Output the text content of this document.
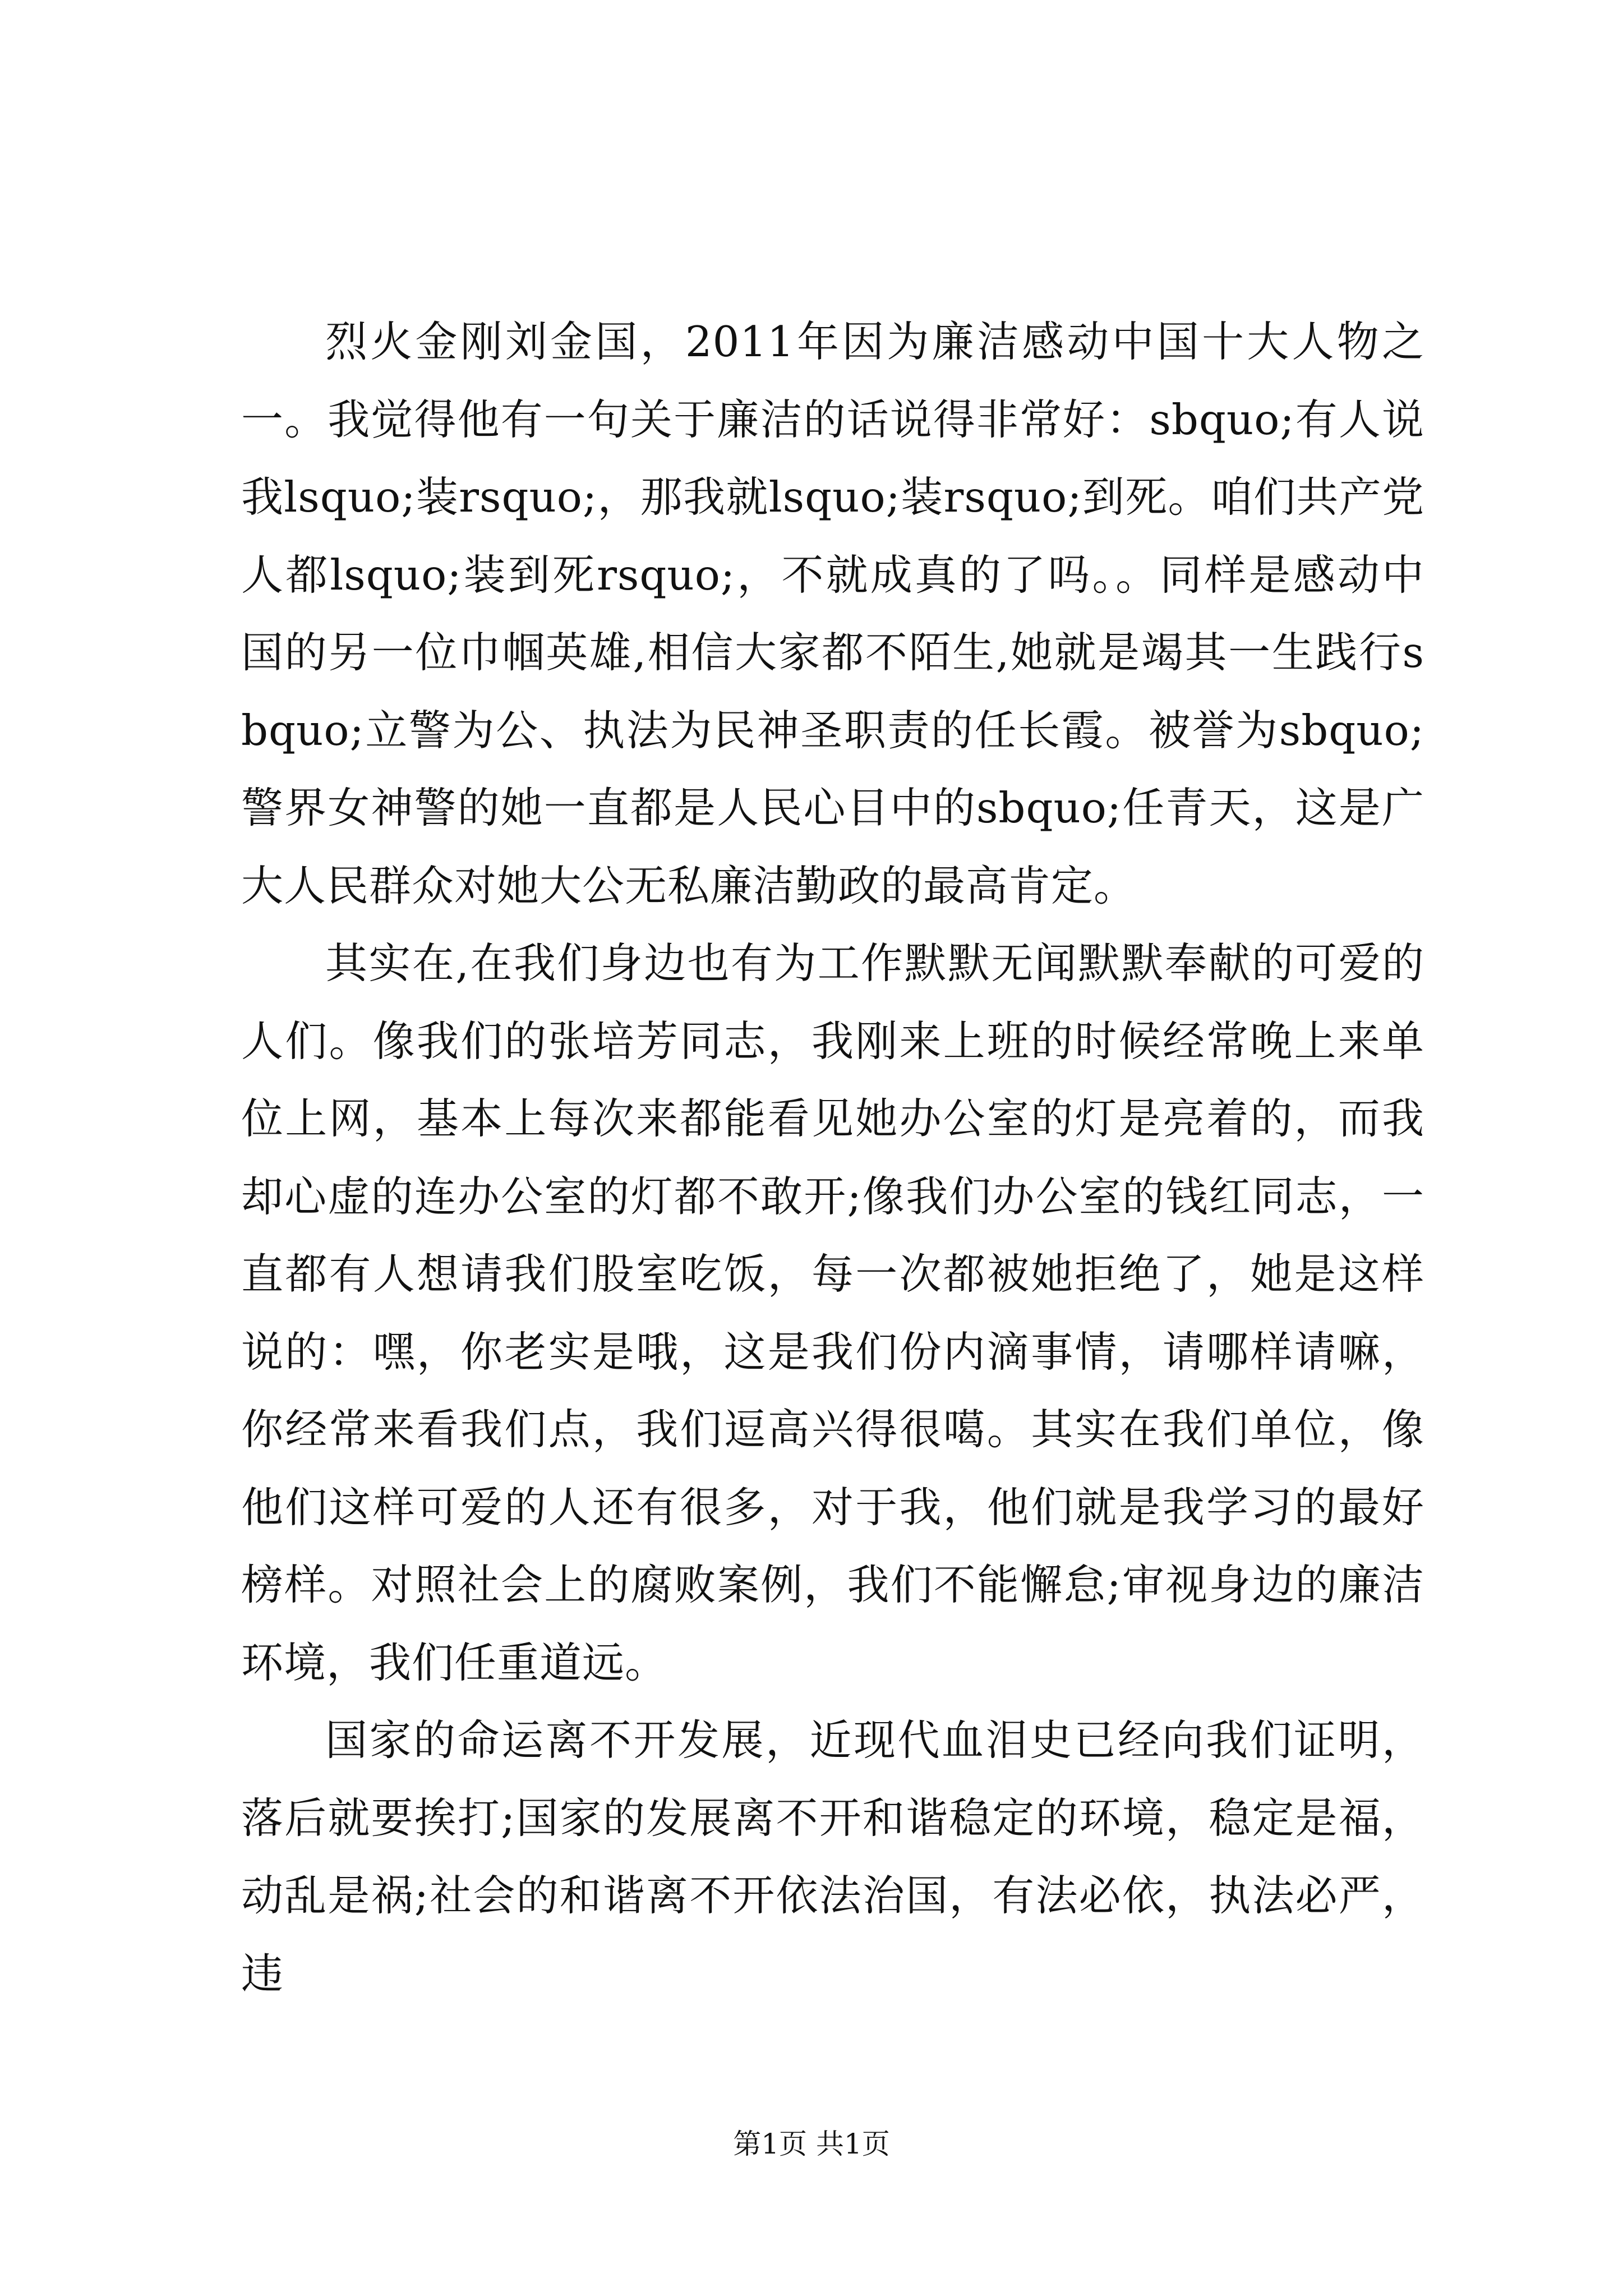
烈火金刚刘金国，2011年因为廉洁感动中国十大人物之一。我觉得他有一句关于廉洁的话说得非常好：sbquo;有人说我lsquo;装rsquo;，那我就lsquo;装rsquo;到死。咱们共产党人都lsquo;装到死rsquo;，不就成真的了吗。。同样是感动中国的另一位巾帼英雄,相信大家都不陌生,她就是竭其一生践行sbquo;立警为公、执法为民神圣职责的任长霞。被誉为sbquo;警界女神警的她一直都是人民心目中的sbquo;任青天，这是广大人民群众对她大公无私廉洁勤政的最高肯定。

其实在,在我们身边也有为工作默默无闻默默奉献的可爱的人们。像我们的张培芳同志，我刚来上班的时候经常晚上来单位上网，基本上每次来都能看见她办公室的灯是亮着的，而我却心虚的连办公室的灯都不敢开;像我们办公室的钱红同志，一直都有人想请我们股室吃饭，每一次都被她拒绝了，她是这样说的：嘿，你老实是哦，这是我们份内滴事情，请哪样请嘛，你经常来看我们点，我们逗高兴得很噶。其实在我们单位，像他们这样可爱的人还有很多，对于我，他们就是我学习的最好榜样。对照社会上的腐败案例，我们不能懈怠;审视身边的廉洁环境，我们任重道远。

国家的命运离不开发展，近现代血泪史已经向我们证明，落后就要挨打;国家的发展离不开和谐稳定的环境，稳定是福，动乱是祸;社会的和谐离不开依法治国，有法必依，执法必严，违

第1页 共1页
